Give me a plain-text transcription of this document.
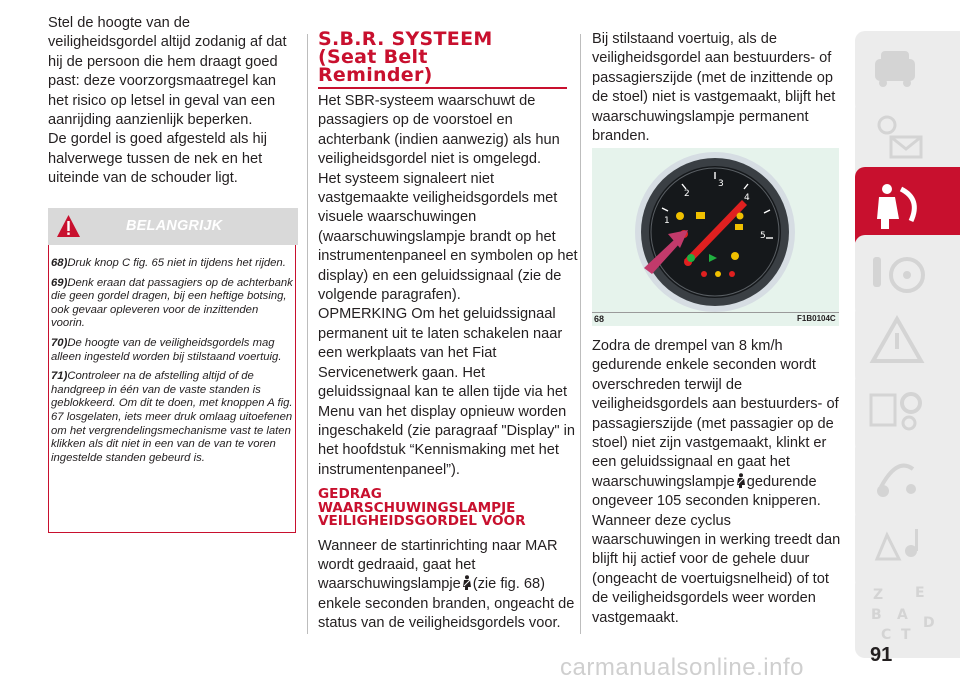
Stel de hoogte van de veiligheidsgordel altijd zodanig af dat hij de persoon die hem draagt goed past: deze voorzorgsmaatregel kan het risico op letsel in geval van een aanrijding aanzienlijk beperken.

De gordel is goed afgesteld als hij halverwege tussen de nek en het uiteinde van de schouder ligt.

BELANGRIJK

68)Druk knop C fig. 65 niet in tijdens het rijden.

69)Denk eraan dat passagiers op de achterbank die geen gordel dragen, bij een heftige botsing, ook gevaar opleveren voor de inzittenden voorin.

70)De hoogte van de veiligheidsgordels mag alleen ingesteld worden bij stilstaand voertuig.

71)Controleer na de afstelling altijd of de handgreep in één van de vaste standen is geblokkeerd. Om dit te doen, met knoppen A fig. 67 losgelaten, iets meer druk omlaag uitoefenen om het vergrendelingsmechanisme vast te laten klikken als dit niet in een van de van te voren ingestelde standen gebeurd is.

S.B.R. SYSTEEM (Seat Belt Reminder)

Het SBR-systeem waarschuwt de passagiers op de voorstoel en achterbank (indien aanwezig) als hun veiligheidsgordel niet is omgelegd.

Het systeem signaleert niet vastgemaakte veiligheidsgordels met visuele waarschuwingen (waarschuwingslampje brandt op het instrumentenpaneel en symbolen op het display) en een geluidssignaal (zie de volgende paragrafen).

OPMERKING Om het geluidssignaal permanent uit te laten schakelen naar een werkplaats van het Fiat Servicenetwerk gaan. Het geluidssignaal kan te allen tijde via het Menu van het display opnieuw worden ingeschakeld (zie paragraaf "Display" in het hoofdstuk “Kennismaking met het instrumentenpaneel”).

GEDRAG WAARSCHUWINGSLAMPJE VEILIGHEIDSGORDEL VOOR

Wanneer de startinrichting naar MAR wordt gedraaid, gaat het waarschuwingslampje (zie fig. 68) enkele seconden branden, ongeacht de status van de veiligheidsgordels voor.

Bij stilstaand voertuig, als de veiligheidsgordel aan bestuurders- of passagierszijde (met de inzittende op de stoel) niet is vastgemaakt, blijft het waarschuwingslampje permanent branden.

1
2
3
4
5
68	F1B0104C

Zodra de drempel van 8 km/h gedurende enkele seconden wordt overschreden terwijl de veiligheidsgordels aan bestuurders- of passagierszijde (met passagier op de stoel) niet zijn vastgemaakt, klinkt er een geluidssignaal en gaat het waarschuwingslampje gedurende ongeveer 105 seconden knipperen.

Wanneer deze cyclus waarschuwingen in werking treedt dan blijft hij actief voor de gehele duur (ongeacht de voertuigsnelheid) of tot de veiligheidsgordels weer worden vastgemaakt.

Z E
B A
C T
D
carmanualsonline.info	91
